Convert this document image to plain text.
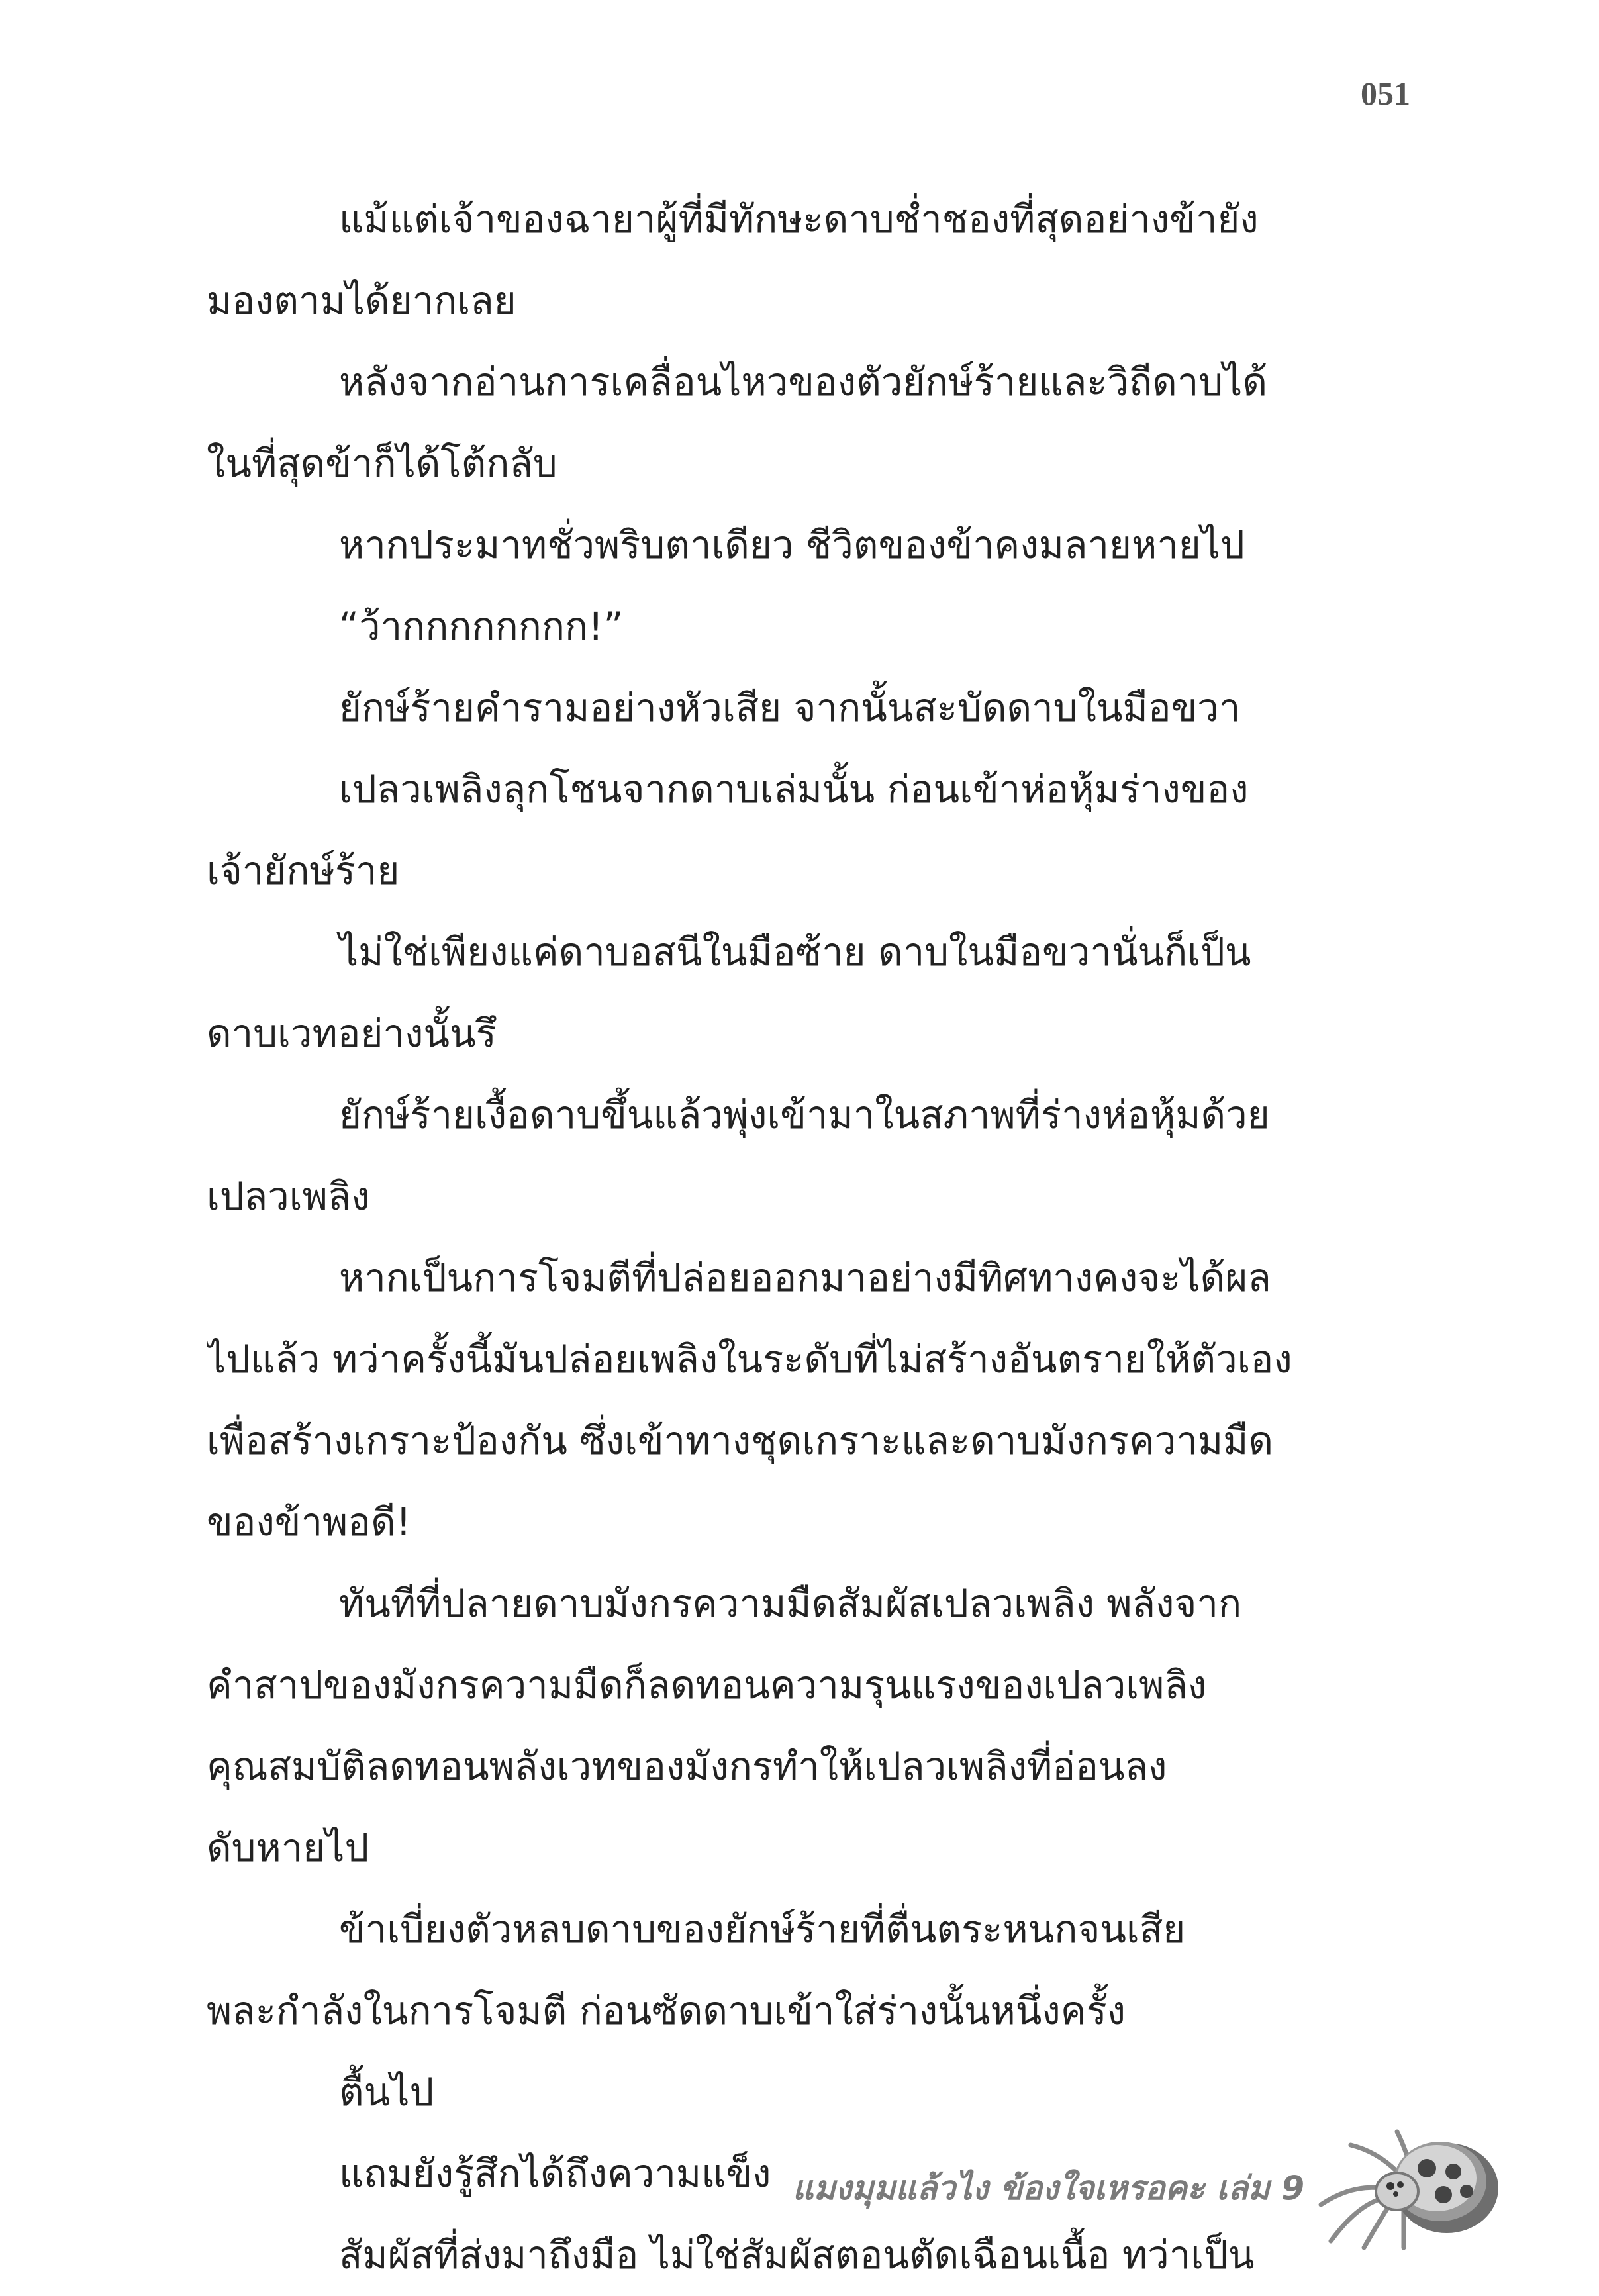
051
แม้แต่เจ้าของฉายาผู้ที่มีทักษะดาบช่ำชองที่สุดอย่างข้ายัง
มองตามได้ยากเลย
หลังจากอ่านการเคลื่อนไหวของตัวยักษ์ร้ายและวิถีดาบได้
ในที่สุดข้าก็ได้โต้กลับ
หากประมาทชั่วพริบตาเดียว ชีวิตของข้าคงมลายหายไป
“ว้ากกกกกกกก!”
ยักษ์ร้ายคำรามอย่างหัวเสีย จากนั้นสะบัดดาบในมือขวา
เปลวเพลิงลุกโชนจากดาบเล่มนั้น ก่อนเข้าห่อหุ้มร่างของ
เจ้ายักษ์ร้าย
ไม่ใช่เพียงแค่ดาบอสนีในมือซ้าย ดาบในมือขวานั่นก็เป็น
ดาบเวทอย่างนั้นรึ
ยักษ์ร้ายเงื้อดาบขึ้นแล้วพุ่งเข้ามาในสภาพที่ร่างห่อหุ้มด้วย
เปลวเพลิง
หากเป็นการโจมตีที่ปล่อยออกมาอย่างมีทิศทางคงจะได้ผล
ไปแล้ว ทว่าครั้งนี้มันปล่อยเพลิงในระดับที่ไม่สร้างอันตรายให้ตัวเอง
เพื่อสร้างเกราะป้องกัน ซึ่งเข้าทางชุดเกราะและดาบมังกรความมืด
ของข้าพอดี!
ทันทีที่ปลายดาบมังกรความมืดสัมผัสเปลวเพลิง พลังจาก
คำสาปของมังกรความมืดก็ลดทอนความรุนแรงของเปลวเพลิง
คุณสมบัติลดทอนพลังเวทของมังกรทำให้เปลวเพลิงที่อ่อนลง
ดับหายไป
ข้าเบี่ยงตัวหลบดาบของยักษ์ร้ายที่ตื่นตระหนกจนเสีย
พละกำลังในการโจมตี ก่อนซัดดาบเข้าใส่ร่างนั้นหนึ่งครั้ง
ตื้นไป
แถมยังรู้สึกได้ถึงความแข็ง
สัมผัสที่ส่งมาถึงมือ ไม่ใช่สัมผัสตอนตัดเฉือนเนื้อ ทว่าเป็น
แมงมุมแล้วไง ข้องใจเหรอคะ เล่ม 9
